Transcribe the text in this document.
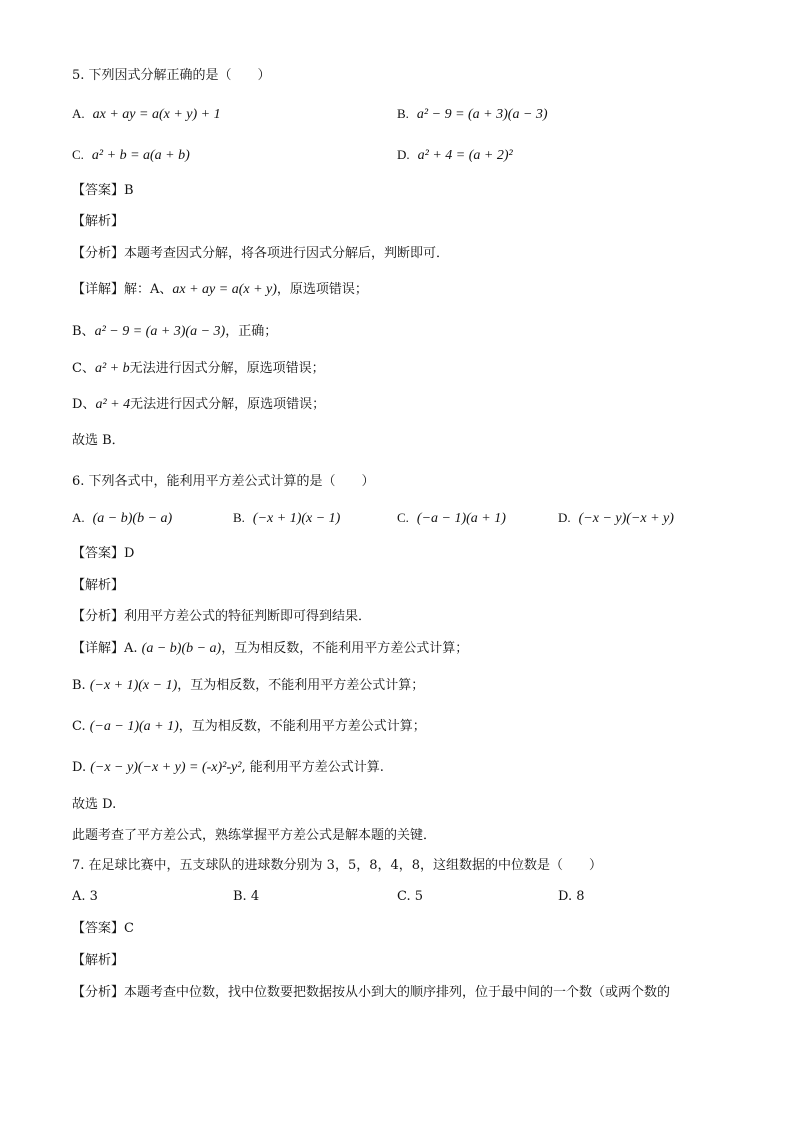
5. 下列因式分解正确的是（　　）
A. ax + ay = a(x + y) + 1	B. a² − 9 = (a + 3)(a − 3)
C. a² + b = a(a + b)	D. a² + 4 = (a + 2)²
【答案】B
【解析】
【分析】本题考查因式分解，将各项进行因式分解后，判断即可．
【详解】解：A、ax + ay = a(x + y)，原选项错误；
B、a² − 9 = (a + 3)(a − 3)，正确；
C、a² + b无法进行因式分解，原选项错误；
D、a² + 4无法进行因式分解，原选项错误；
故选 B．
6. 下列各式中，能利用平方差公式计算的是（　　）
A. (a − b)(b − a)	B. (−x + 1)(x − 1)	C. (−a − 1)(a + 1)	D. (−x − y)(−x + y)
【答案】D
【解析】
【分析】利用平方差公式的特征判断即可得到结果．
【详解】A. (a − b)(b − a)，互为相反数，不能利用平方差公式计算；
B. (−x + 1)(x − 1)，互为相反数，不能利用平方差公式计算；
C. (−a − 1)(a + 1)，互为相反数，不能利用平方差公式计算；
D. (−x − y)(−x + y) = (-x)²-y², 能利用平方差公式计算.
故选 D.
此题考查了平方差公式，熟练掌握平方差公式是解本题的关键．
7. 在足球比赛中，五支球队的进球数分别为 3，5，8，4，8，这组数据的中位数是（　　）
A. 3	B. 4	C. 5	D. 8
【答案】C
【解析】
【分析】本题考查中位数，找中位数要把数据按从小到大的顺序排列，位于最中间的一个数（或两个数的
